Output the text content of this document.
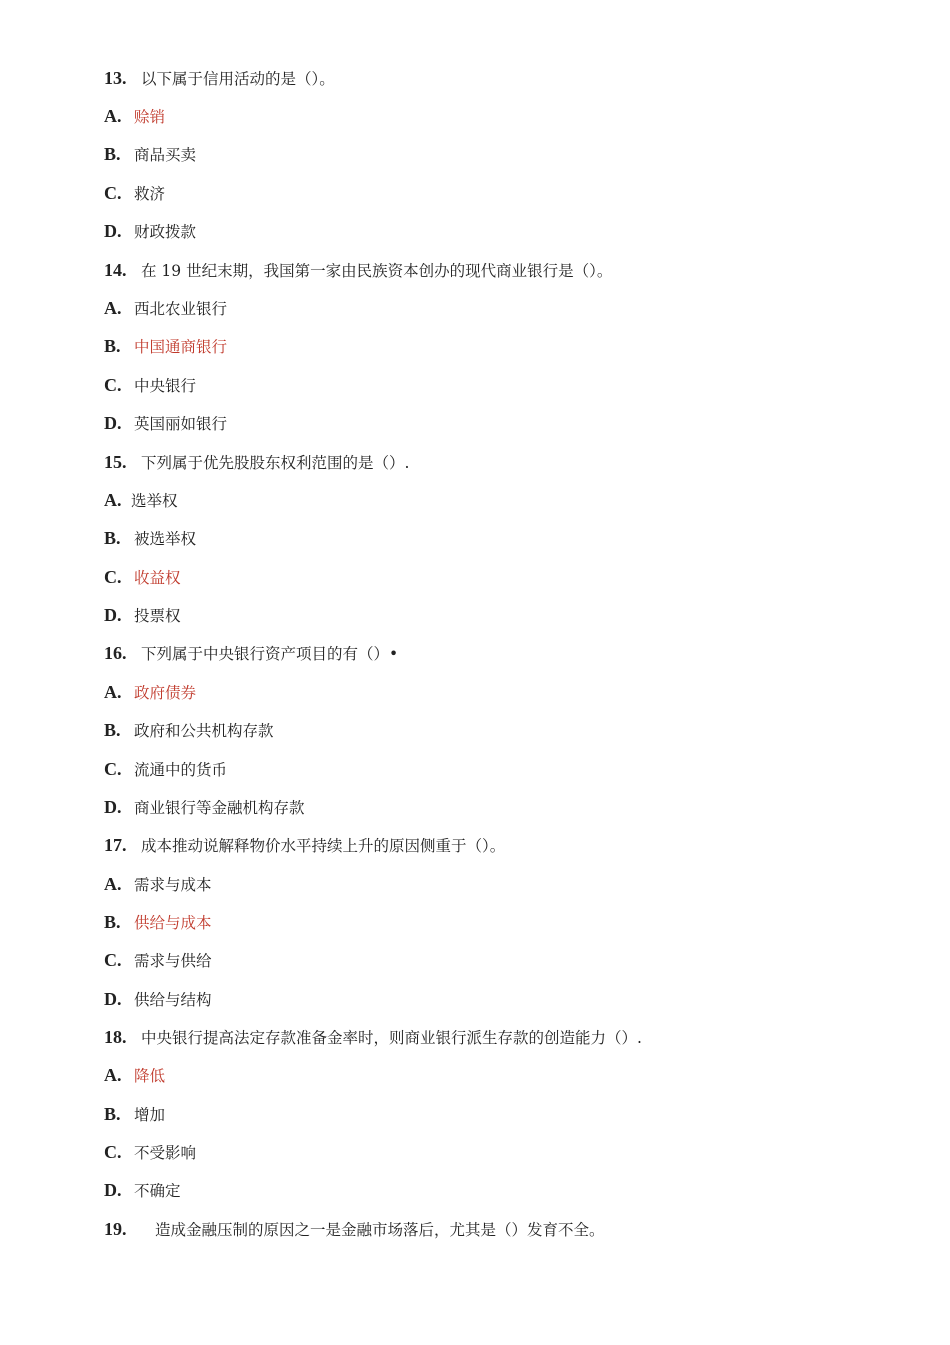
13. 以下属于信用活动的是（）。
A. 赊销
B. 商品买卖
C. 救济
D. 财政拨款
14. 在 19 世纪末期，我国第一家由民族资本创办的现代商业银行是（）。
A. 西北农业银行
B. 中国通商银行
C. 中央银行
D. 英国丽如银行
15. 下列属于优先股股东权利范围的是（）.
A. 选举权
B. 被选举权
C. 收益权
D. 投票权
16. 下列属于中央银行资产项目的有（）•
A. 政府债券
B. 政府和公共机构存款
C. 流通中的货币
D. 商业银行等金融机构存款
17. 成本推动说解释物价水平持续上升的原因侧重于（）。
A. 需求与成本
B. 供给与成本
C. 需求与供给
D. 供给与结构
18. 中央银行提高法定存款准备金率时，则商业银行派生存款的创造能力（）.
A. 降低
B. 增加
C. 不受影响
D. 不确定
19. 造成金融压制的原因之一是金融市场落后，尤其是（）发育不全。
